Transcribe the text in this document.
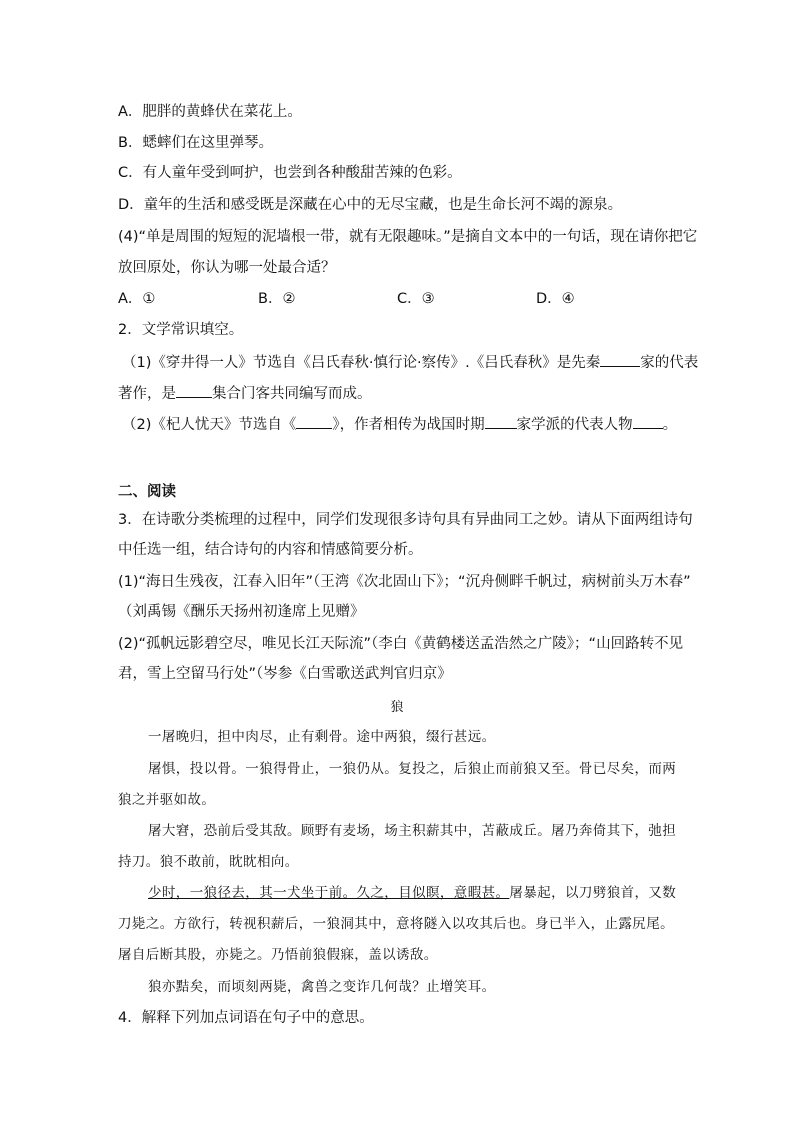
A．肥胖的黄蜂伏在菜花上。
B．蟋蟀们在这里弹琴。
C．有人童年受到呵护，也尝到各种酸甜苦辣的色彩。
D．童年的生活和感受既是深藏在心中的无尽宝藏，也是生命长河不竭的源泉。
(4)“单是周围的短短的泥墙根一带，就有无限趣味。”是摘自文本中的一句话，现在请你把它
放回原处，你认为哪一处最合适？
A．①	B．②	C．③	D．④
2．文学常识填空。
（1)《穿井得一人》节选自《吕氏春秋·慎行论·察传》.《吕氏春秋》是先秦	家的代表
著作，是 集合门客共同编写而成。
（2)《杞人忧天》节选自《 》，作者相传为战国时期 家学派的代表人物 。
二、阅读
3．在诗歌分类梳理的过程中，同学们发现很多诗句具有异曲同工之妙。请从下面两组诗句
中任选一组，结合诗句的内容和情感简要分析。
(1)“海日生残夜，江春入旧年”（王湾《次北固山下》；“沉舟侧畔千帆过，病树前头万木春”
（刘禹锡《酬乐天扬州初逢席上见赠》
(2)“孤帆远影碧空尽，唯见长江天际流”（李白《黄鹤楼送孟浩然之广陵》；“山回路转不见
君，雪上空留马行处”（岑参《白雪歌送武判官归京》
狼
一屠晚归，担中肉尽，止有剩骨。途中两狼，缀行甚远。
屠惧，投以骨。一狼得骨止，一狼仍从。复投之，后狼止而前狼又至。骨已尽矣，而两
狼之并驱如故。
屠大窘，恐前后受其敌。顾野有麦场，场主积薪其中，苫蔽成丘。屠乃奔倚其下，弛担
持刀。狼不敢前，眈眈相向。
少时，一狼径去，其一犬坐于前。久之，目似瞑，意暇甚。屠暴起，以刀劈狼首，又数
刀毙之。方欲行，转视积薪后，一狼洞其中，意将隧入以攻其后也。身已半入，止露尻尾。
屠自后断其股，亦毙之。乃悟前狼假寐，盖以诱敌。
狼亦黠矣，而顷刻两毙，禽兽之变诈几何哉？止增笑耳。
4．解释下列加点词语在句子中的意思。
